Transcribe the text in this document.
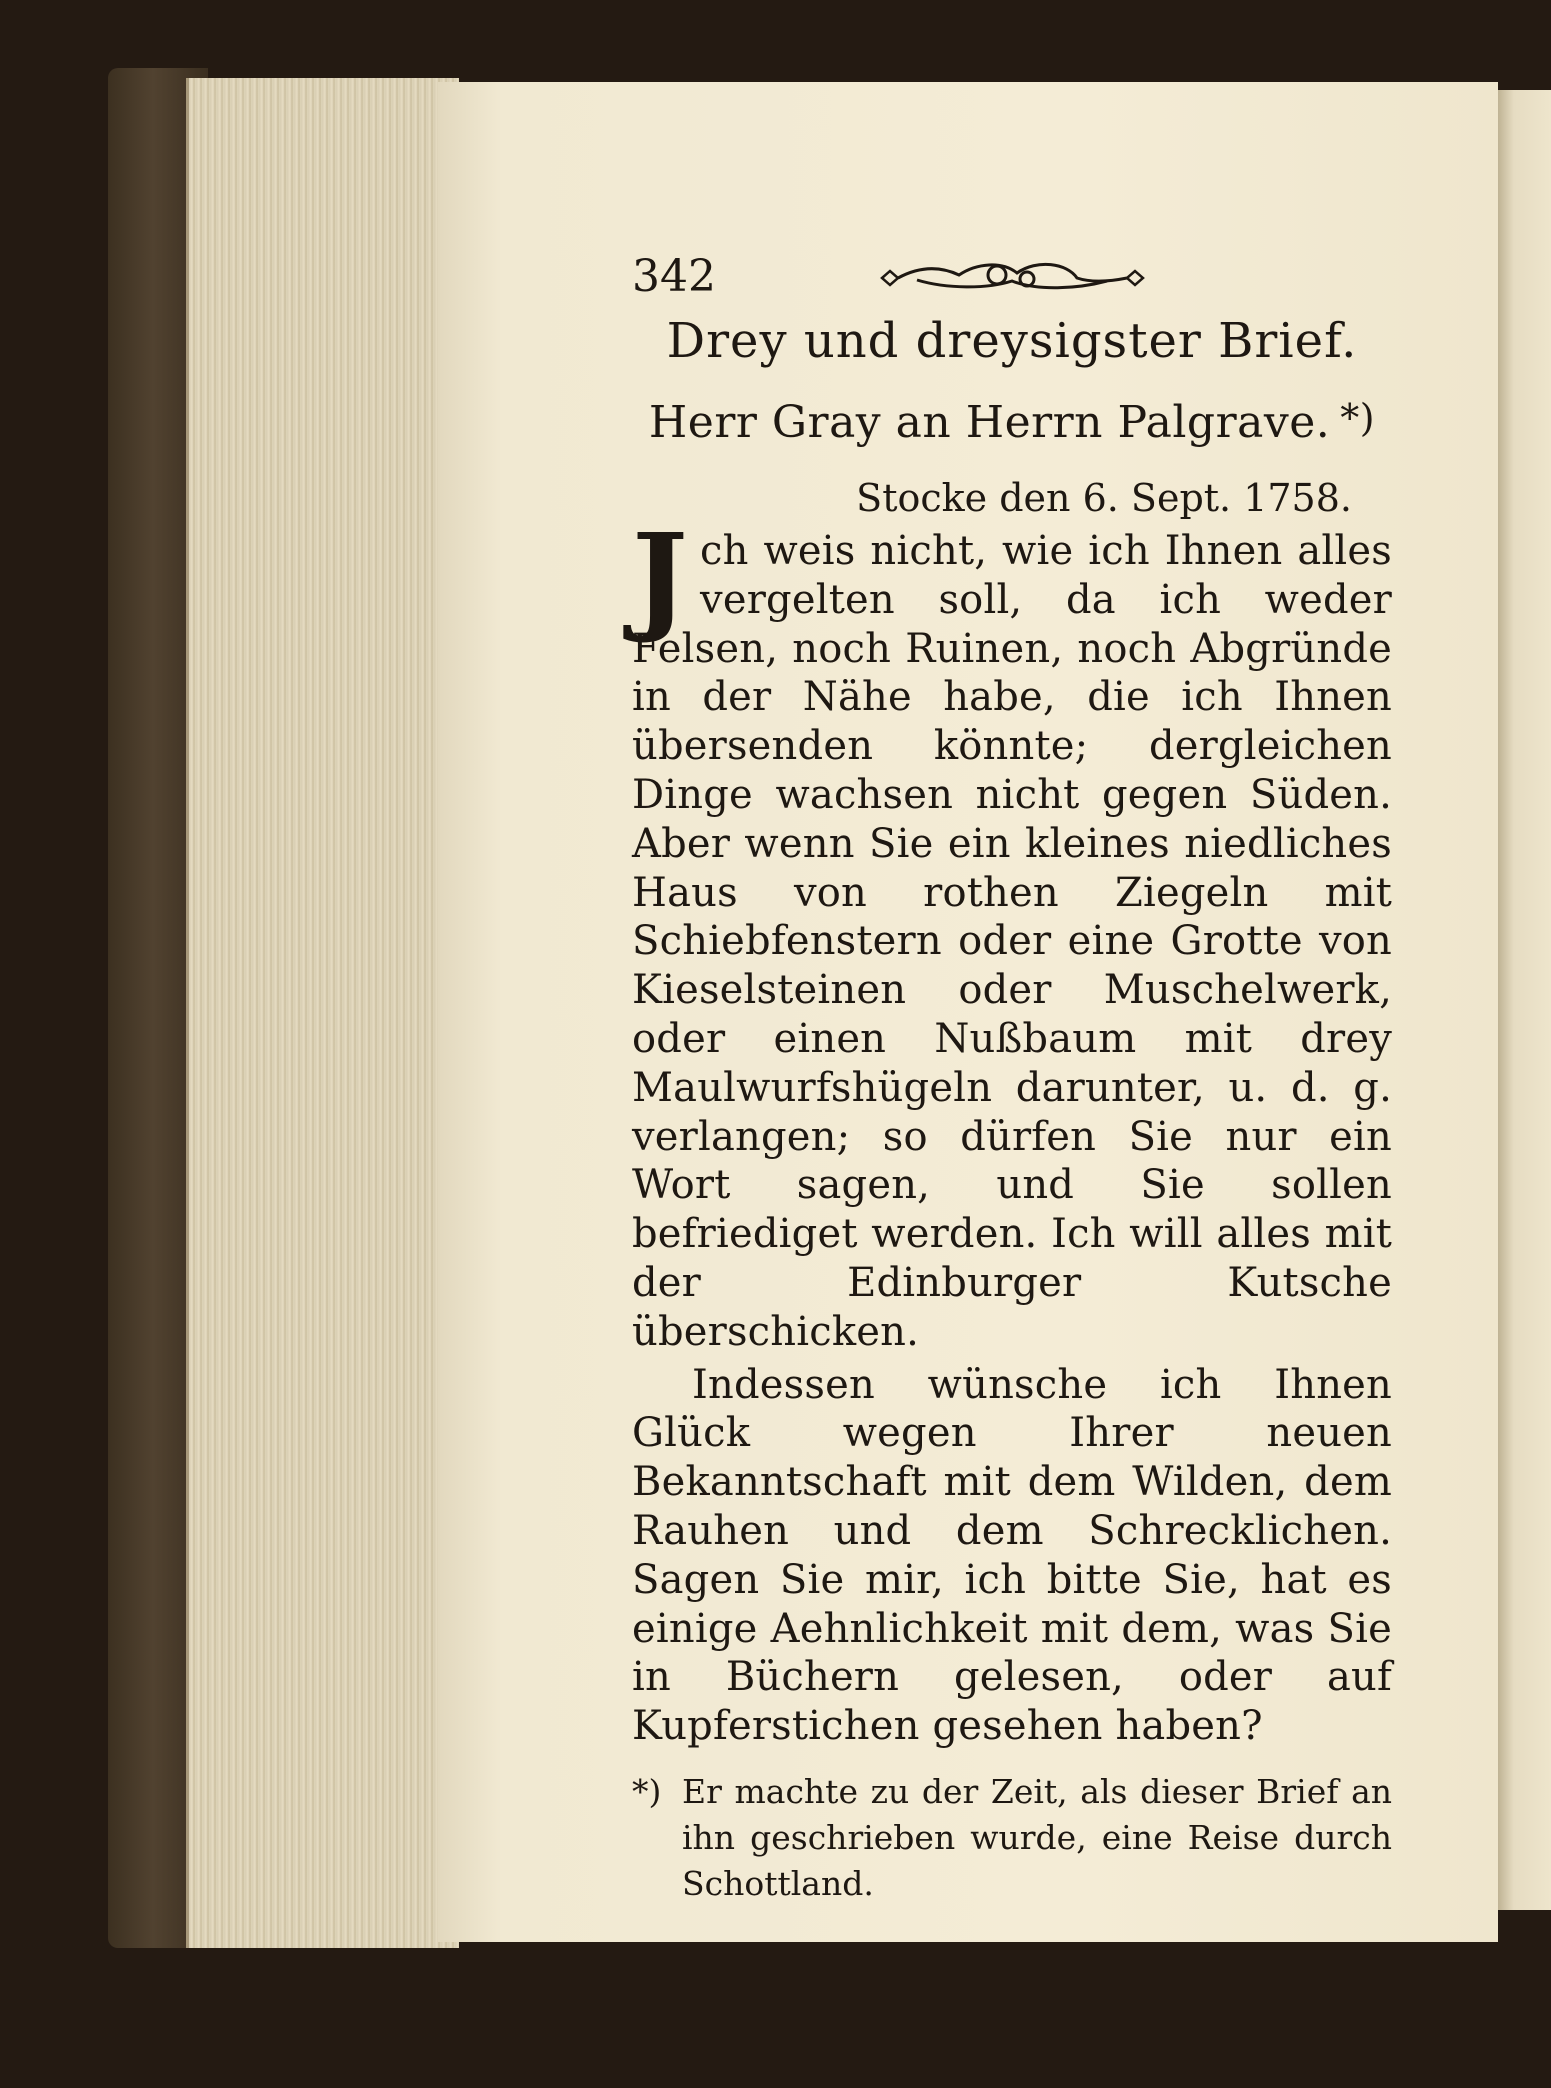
342
Drey und dreysigster Brief.
Herr Gray an Herrn Palgrave. *)
Stocke den 6. Sept. 1758.

Jch weis nicht, wie ich Ihnen alles vergelten soll, da ich weder Felsen, noch Ruinen, noch Abgründe in der Nähe habe, die ich Ihnen übersenden könnte; dergleichen Dinge wachsen nicht gegen Süden. Aber wenn Sie ein kleines niedliches Haus von rothen Ziegeln mit Schiebfenstern oder eine Grotte von Kieselsteinen oder Muschelwerk, oder einen Nußbaum mit drey Maulwurfshügeln darunter, u. d. g. verlangen; so dürfen Sie nur ein Wort sagen, und Sie sollen befriediget werden. Ich will alles mit der Edinburger Kutsche überschicken.

Indessen wünsche ich Ihnen Glück wegen Ihrer neuen Bekanntschaft mit dem Wilden, dem Rauhen und dem Schrecklichen. Sagen Sie mir, ich bitte Sie, hat es einige Aehnlichkeit mit dem, was Sie in Büchern gelesen, oder auf Kupferstichen gesehen haben?

*) Er machte zu der Zeit, als dieser Brief an ihn geschrieben wurde, eine Reise durch Schottland.
